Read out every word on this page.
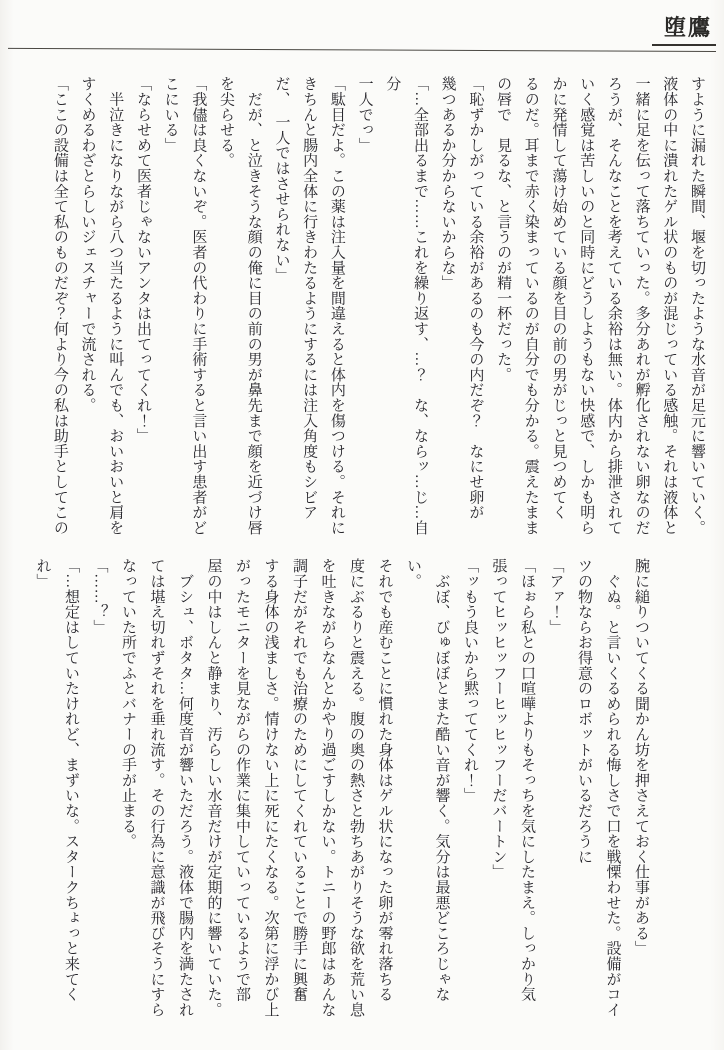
堕鷹

すように漏れた瞬間、堰を切ったような水音が足元に響いていく。

液体の中に潰れたゲル状のものが混じっている感触。それは液体と

一緒に足を伝って落ちていった。多分あれが孵化されない卵なのだ

ろうが、そんなことを考えている余裕は無い。体内から排泄されて

いく感覚は苦しいのと同時にどうしようもない快感で、しかも明ら

かに発情して蕩け始めている顔を目の前の男がじっと見つめてく

るのだ。耳まで赤く染まっているのが自分でも分かる。震えたまま

の唇で　見るな、と言うのが精一杯だった。

「恥ずかしがっている余裕があるのも今の内だぞ？　なにせ卵が

幾つあるか分からないからな」

「…全部出るまで……これを繰り返す、…？　な、ならッ…じ…自分

一人でっ」

「駄目だよ。この薬は注入量を間違えると体内を傷つける。それに

きちんと腸内全体に行きわたるようにするには注入角度もシビア

だ、　一人ではさせられない」

　だが、と泣きそうな顔の俺に目の前の男が鼻先まで顔を近づけ唇

を尖らせる。

「我儘は良くないぞ。医者の代わりに手術すると言い出す患者がど

こにいる」

「ならせめて医者じゃないアンタは出てってくれ！」

　半泣きになりながら八つ当たるように叫んでも、おいおいと肩を

すくめるわざとらしいジェスチャーで流される。

「ここの設備は全て私のものだぞ？何より今の私は助手としてこの

腕に縋りついてくる聞かん坊を押さえておく仕事がある」

　ぐぬ。と言いくるめられる悔しさで口を戦慄わせた。設備がコイ

ツの物ならお得意のロボットがいるだろうに

「アァ！」

「ほぉら私との口喧嘩よりもそっちを気にしたまえ。しっかり気

張ってヒッヒッフーヒッヒッフーだバートン」

「ッもう良いから黙っててくれ！」

　ぶぼ、びゅぼぼとまた酷い音が響く。気分は最悪どころじゃない。

それでも産むことに慣れた身体はゲル状になった卵が零れ落ちる

度にぶるりと震える。腹の奥の熱さと勃ちあがりそうな欲を荒い息

を吐きながらなんとかやり過ごすしかない。トニーの野郎はあんな

調子だがそれでも治療のためにしてくれていることで勝手に興奮

する身体の浅ましさ。情けない上に死にたくなる。次第に浮かび上

がったモニターを見ながらの作業に集中していっているようで部

屋の中はしんと静まり、汚らしい水音だけが定期的に響いていた。

　ブシュ、ボタタ…何度音が響いただろう。液体で腸内を満たされ

ては堪え切れずそれを垂れ流す。その行為に意識が飛びそうにすら

なっていた所でふとバナーの手が止まる。

「……？」

「…想定はしていたけれど、まずいな。スタークちょっと来てくれ」
